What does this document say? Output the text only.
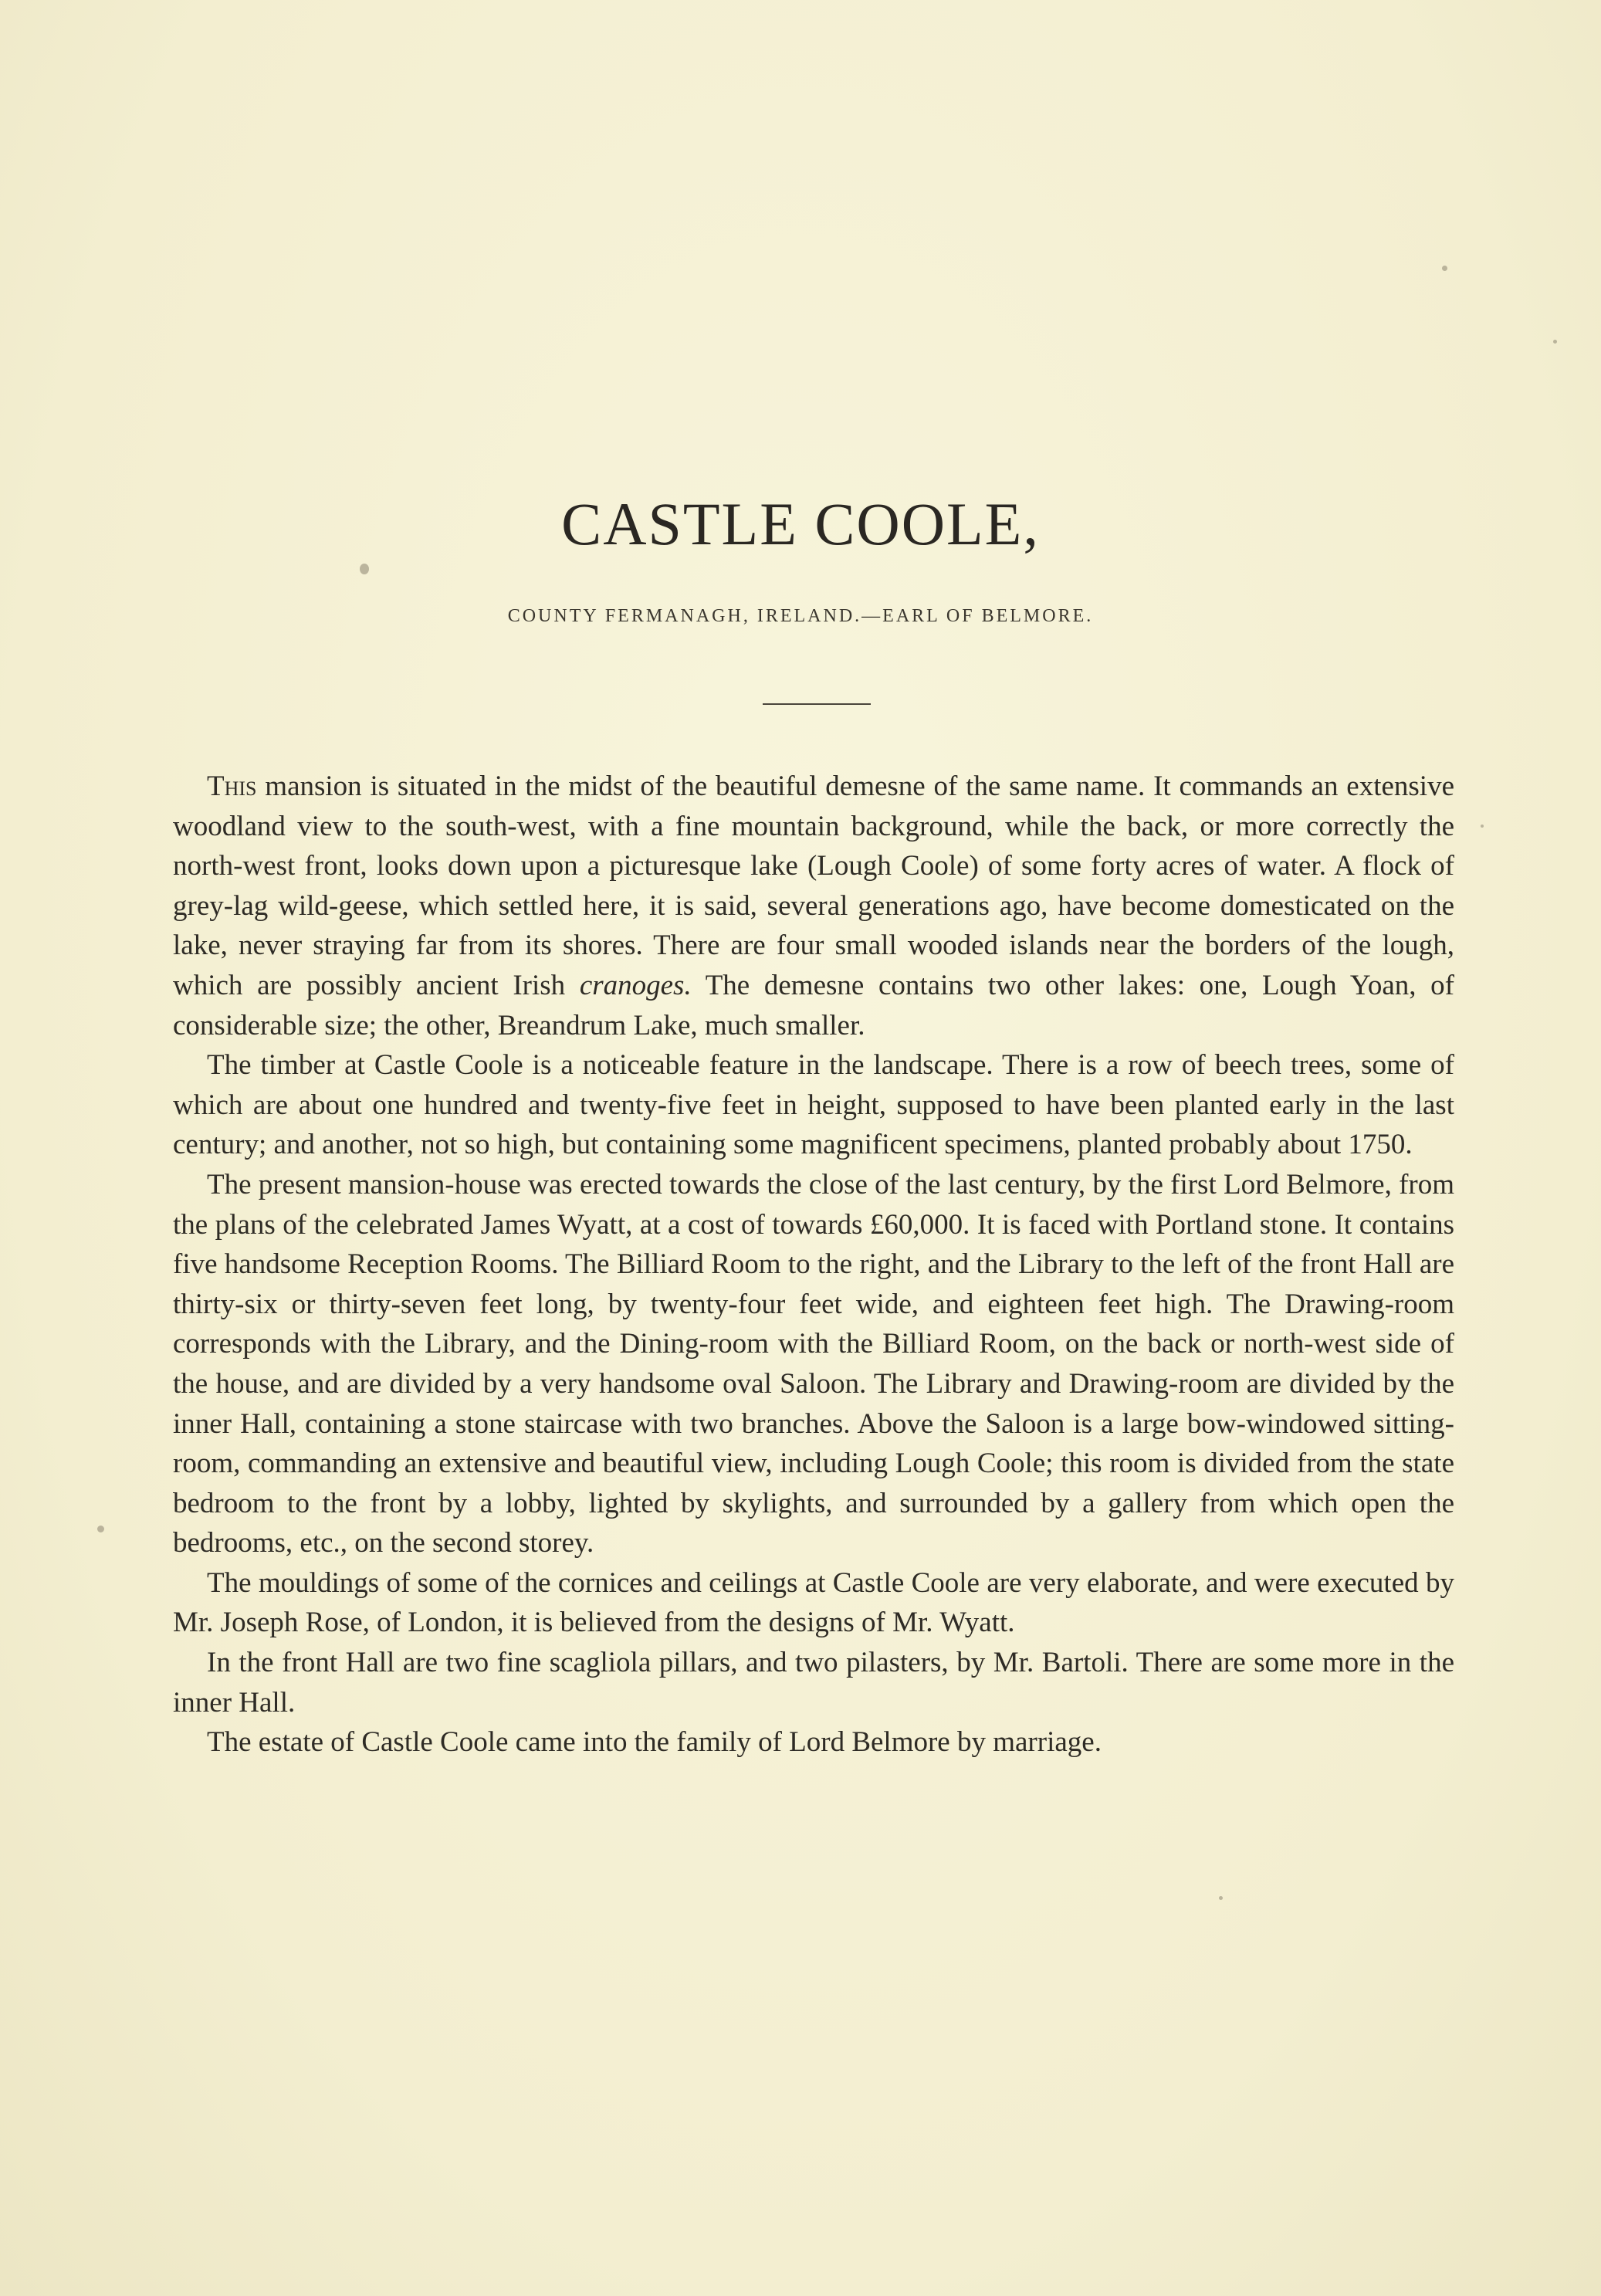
CASTLE COOLE,
COUNTY FERMANAGH, IRELAND.—EARL OF BELMORE.

This mansion is situated in the midst of the beautiful demesne of the same name. It commands an extensive woodland view to the south-west, with a fine mountain background, while the back, or more correctly the north-west front, looks down upon a picturesque lake (Lough Coole) of some forty acres of water. A flock of grey-lag wild-geese, which settled here, it is said, several generations ago, have become domesticated on the lake, never straying far from its shores. There are four small wooded islands near the borders of the lough, which are possibly ancient Irish cranoges. The demesne contains two other lakes: one, Lough Yoan, of considerable size; the other, Breandrum Lake, much smaller.

The timber at Castle Coole is a noticeable feature in the landscape. There is a row of beech trees, some of which are about one hundred and twenty-five feet in height, supposed to have been planted early in the last century; and another, not so high, but containing some magnificent specimens, planted probably about 1750.

The present mansion-house was erected towards the close of the last century, by the first Lord Belmore, from the plans of the celebrated James Wyatt, at a cost of towards £60,000. It is faced with Portland stone. It contains five handsome Reception Rooms. The Billiard Room to the right, and the Library to the left of the front Hall are thirty-six or thirty-seven feet long, by twenty-four feet wide, and eighteen feet high. The Drawing-room corresponds with the Library, and the Dining-room with the Billiard Room, on the back or north-west side of the house, and are divided by a very handsome oval Saloon. The Library and Drawing-room are divided by the inner Hall, containing a stone staircase with two branches. Above the Saloon is a large bow-windowed sitting-room, commanding an extensive and beautiful view, including Lough Coole; this room is divided from the state bedroom to the front by a lobby, lighted by skylights, and surrounded by a gallery from which open the bedrooms, etc., on the second storey.

The mouldings of some of the cornices and ceilings at Castle Coole are very elaborate, and were executed by Mr. Joseph Rose, of London, it is believed from the designs of Mr. Wyatt.

In the front Hall are two fine scagliola pillars, and two pilasters, by Mr. Bartoli. There are some more in the inner Hall.

The estate of Castle Coole came into the family of Lord Belmore by marriage.
